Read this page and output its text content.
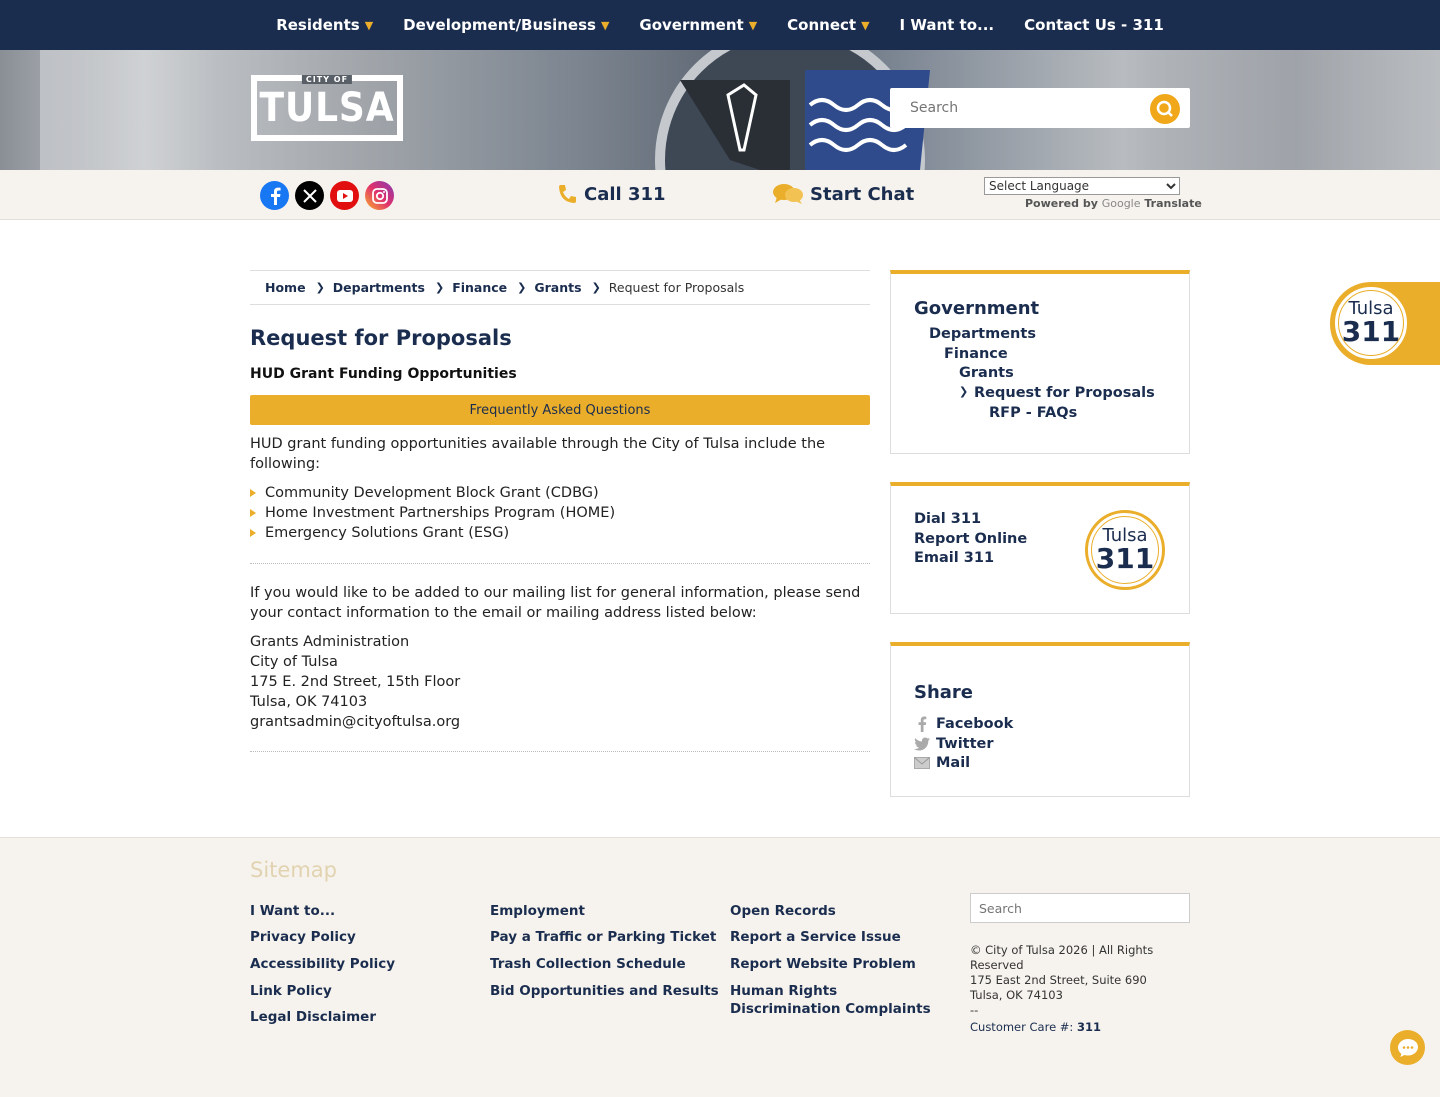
Residents ▼ Development/Business ▼ Government ▼ Connect ▼ I Want to... Contact Us - 311
CITY OF
TULSA
Search
Call 311	Start Chat
Select Language	Powered by Google Translate
Home ❯ Departments ❯ Finance ❯ Grants ❯ Request for Proposals
Request for Proposals
HUD Grant Funding Opportunities
Frequently Asked Questions

HUD grant funding opportunities available through the City of Tulsa include the following:

Community Development Block Grant (CDBG)
Home Investment Partnerships Program (HOME)
Emergency Solutions Grant (ESG)

If you would like to be added to our mailing list for general information, please send your contact information to the email or mailing address listed below:

Grants Administration
City of Tulsa
175 E. 2nd Street, 15th Floor
Tulsa, OK 74103
grantsadmin@cityoftulsa.org
Government
Departments
Finance
Grants
❯ Request for Proposals
RFP - FAQs
Dial 311
Report Online
Email 311
Tulsa
311
Share
Facebook
Twitter
Mail
Tulsa
311
Sitemap
I Want to...
Privacy Policy
Accessibility Policy
Link Policy
Legal Disclaimer
Employment
Pay a Traffic or Parking Ticket
Trash Collection Schedule
Bid Opportunities and Results
Open Records
Report a Service Issue
Report Website Problem
Human Rights Discrimination Complaints
Search
© City of Tulsa 2026 | All Rights Reserved
175 East 2nd Street, Suite 690
Tulsa, OK 74103
--
Customer Care #: 311
